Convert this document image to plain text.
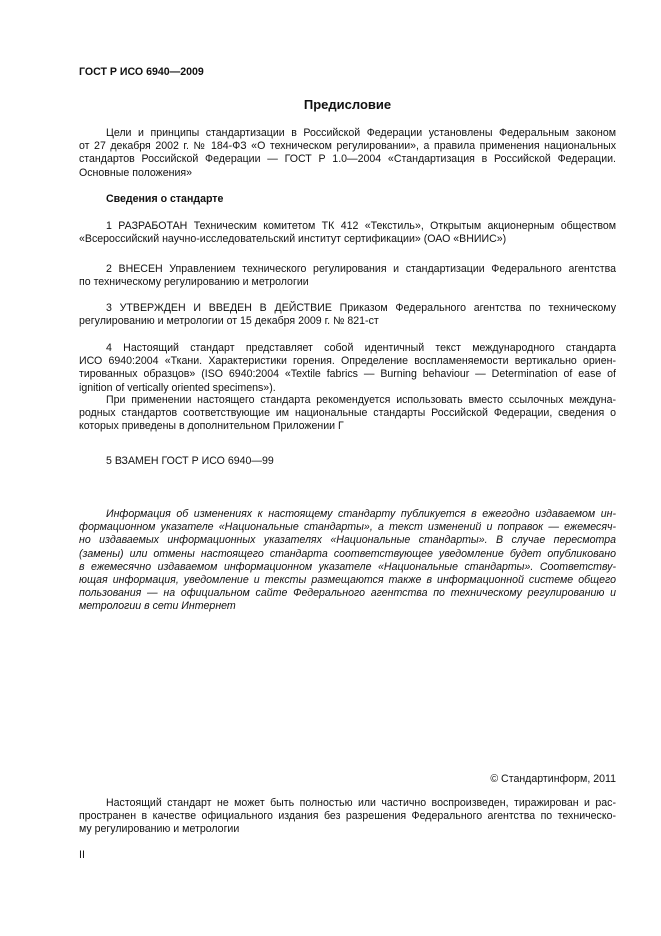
ГОСТ Р ИСО 6940—2009
Предисловие
Цели и принципы стандартизации в Российской Федерации установлены Федеральным законом
от 27 декабря 2002 г. № 184-ФЗ «О техническом регулировании», а правила применения национальных
стандартов Российской Федерации — ГОСТ Р 1.0—2004 «Стандартизация в Российской Федерации.
Основные положения»
Сведения о стандарте
1 РАЗРАБОТАН Техническим комитетом ТК 412 «Текстиль», Открытым акционерным обществом
«Всероссийский научно-исследовательский институт сертификации» (ОАО «ВНИИС»)
2 ВНЕСЕН Управлением технического регулирования и стандартизации Федерального агентства
по техническому регулированию и метрологии
3 УТВЕРЖДЕН И ВВЕДЕН В ДЕЙСТВИЕ Приказом Федерального агентства по техническому
регулированию и метрологии от 15 декабря 2009 г. № 821-ст
4 Настоящий стандарт представляет собой идентичный текст международного стандарта
ИСО 6940:2004 «Ткани. Характеристики горения. Определение воспламеняемости вертикально ориен-
тированных образцов» (ISO 6940:2004 «Textile fabrics — Burning behaviour — Determination of ease of
ignition of vertically oriented specimens»).
При применении настоящего стандарта рекомендуется использовать вместо ссылочных междуна-
родных стандартов соответствующие им национальные стандарты Российской Федерации, сведения о
которых приведены в дополнительном Приложении Г
5 ВЗАМЕН ГОСТ Р ИСО 6940—99
Информация об изменениях к настоящему стандарту публикуется в ежегодно издаваемом ин-
формационном указателе «Национальные стандарты», а текст изменений и поправок — ежемесяч-
но издаваемых информационных указателях «Национальные стандарты». В случае пересмотра
(замены) или отмены настоящего стандарта соответствующее уведомление будет опубликовано
в ежемесячно издаваемом информационном указателе «Национальные стандарты». Соответству-
ющая информация, уведомление и тексты размещаются также в информационной системе общего
пользования — на официальном сайте Федерального агентства по техническому регулированию и
метрологии в сети Интернет
© Стандартинформ, 2011
Настоящий стандарт не может быть полностью или частично воспроизведен, тиражирован и рас-
пространен в качестве официального издания без разрешения Федерального агентства по техническо-
му регулированию и метрологии
II
